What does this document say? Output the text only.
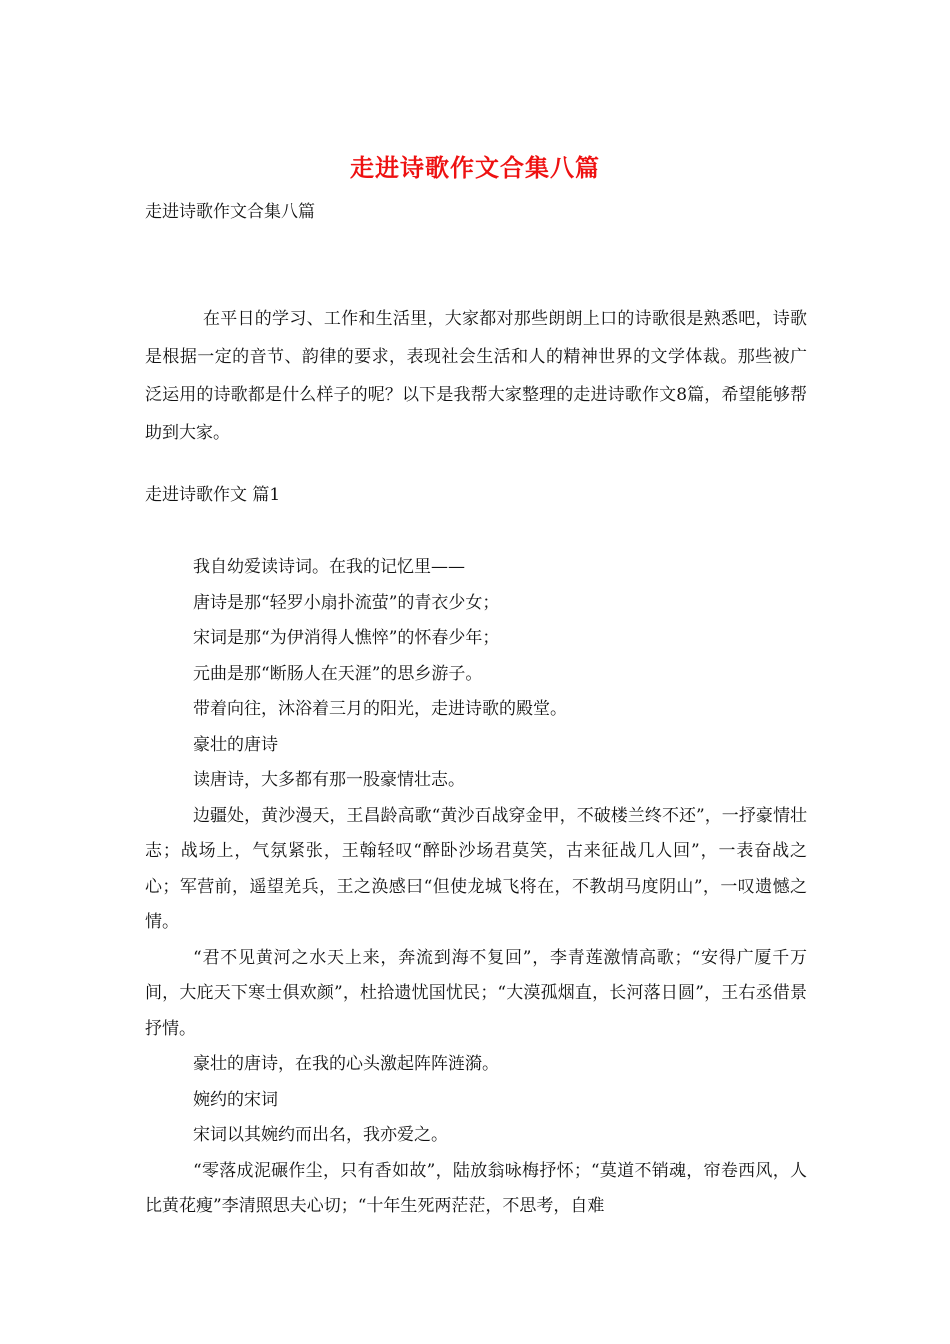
走进诗歌作文合集八篇
走进诗歌作文合集八篇

在平日的学习、工作和生活里，大家都对那些朗朗上口的诗歌很是熟悉吧，诗歌是根据一定的音节、韵律的要求，表现社会生活和人的精神世界的文学体裁。那些被广泛运用的诗歌都是什么样子的呢？以下是我帮大家整理的走进诗歌作文8篇，希望能够帮助到大家。

走进诗歌作文 篇1

我自幼爱读诗词。在我的记忆里——

唐诗是那“轻罗小扇扑流萤”的青衣少女；

宋词是那“为伊消得人憔悴”的怀春少年；

元曲是那“断肠人在天涯”的思乡游子。

带着向往，沐浴着三月的阳光，走进诗歌的殿堂。

豪壮的唐诗

读唐诗，大多都有那一股豪情壮志。

边疆处，黄沙漫天，王昌龄高歌“黄沙百战穿金甲，不破楼兰终不还”，一抒豪情壮志；战场上，气氛紧张，王翰轻叹“醉卧沙场君莫笑，古来征战几人回”，一表奋战之心；军营前，遥望羌兵，王之涣感曰“但使龙城飞将在，不教胡马度阴山”，一叹遗憾之情。

“君不见黄河之水天上来，奔流到海不复回”，李青莲激情高歌；“安得广厦千万间，大庇天下寒士俱欢颜”，杜拾遗忧国忧民；“大漠孤烟直，长河落日圆”，王右丞借景抒情。

豪壮的唐诗，在我的心头激起阵阵涟漪。

婉约的宋词

宋词以其婉约而出名，我亦爱之。

“零落成泥碾作尘，只有香如故”，陆放翁咏梅抒怀；“莫道不销魂，帘卷西风，人比黄花瘦”李清照思夫心切；“十年生死两茫茫，不思考，自难
